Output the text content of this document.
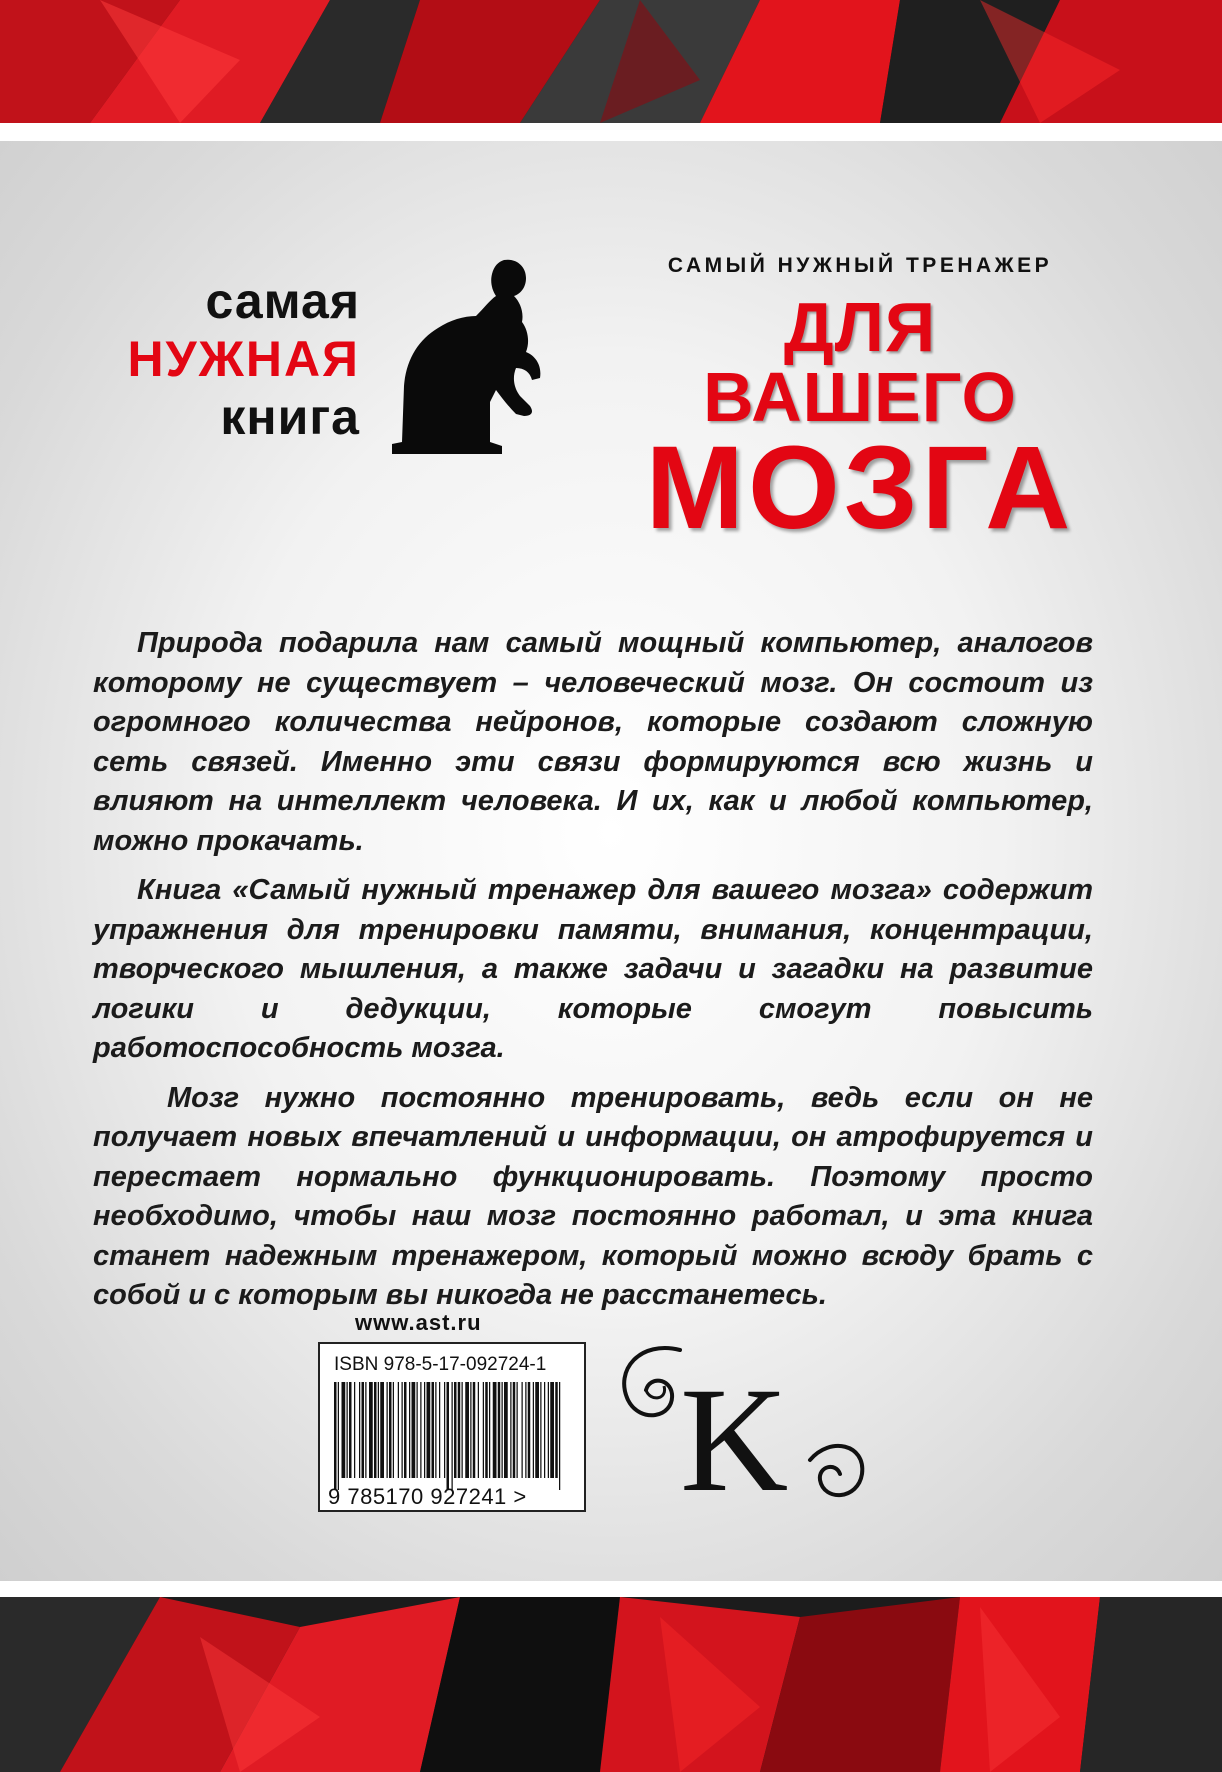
самая
НУЖНАЯ
книга
САМЫЙ НУЖНЫЙ ТРЕНАЖЕР
ДЛЯ ВАШЕГО
МОЗГА

Природа подарила нам самый мощный компьютер, аналогов которому не существует – человеческий мозг. Он состоит из огромного количества нейронов, которые создают сложную сеть связей. Именно эти связи формируются всю жизнь и влияют на интеллект человека. И их, как и любой компьютер, можно прокачать.

Книга «Самый нужный тренажер для вашего мозга» содержит упражнения для тренировки памяти, внимания, концентрации, творческого мышления, а также задачи и загадки на развитие логики и дедукции, которые смогут повысить работоспособность мозга.

Мозг нужно постоянно тренировать, ведь если он не получает новых впечатлений и информации, он атрофируется и перестает нормально функционировать. Поэтому просто необходимо, чтобы наш мозг постоянно работал, и эта книга станет надежным тренажером, который можно всюду брать с собой и с которым вы никогда не расстанетесь.

www.ast.ru
ISBN 978-5-17-092724-1
9 785170 927241 > K
